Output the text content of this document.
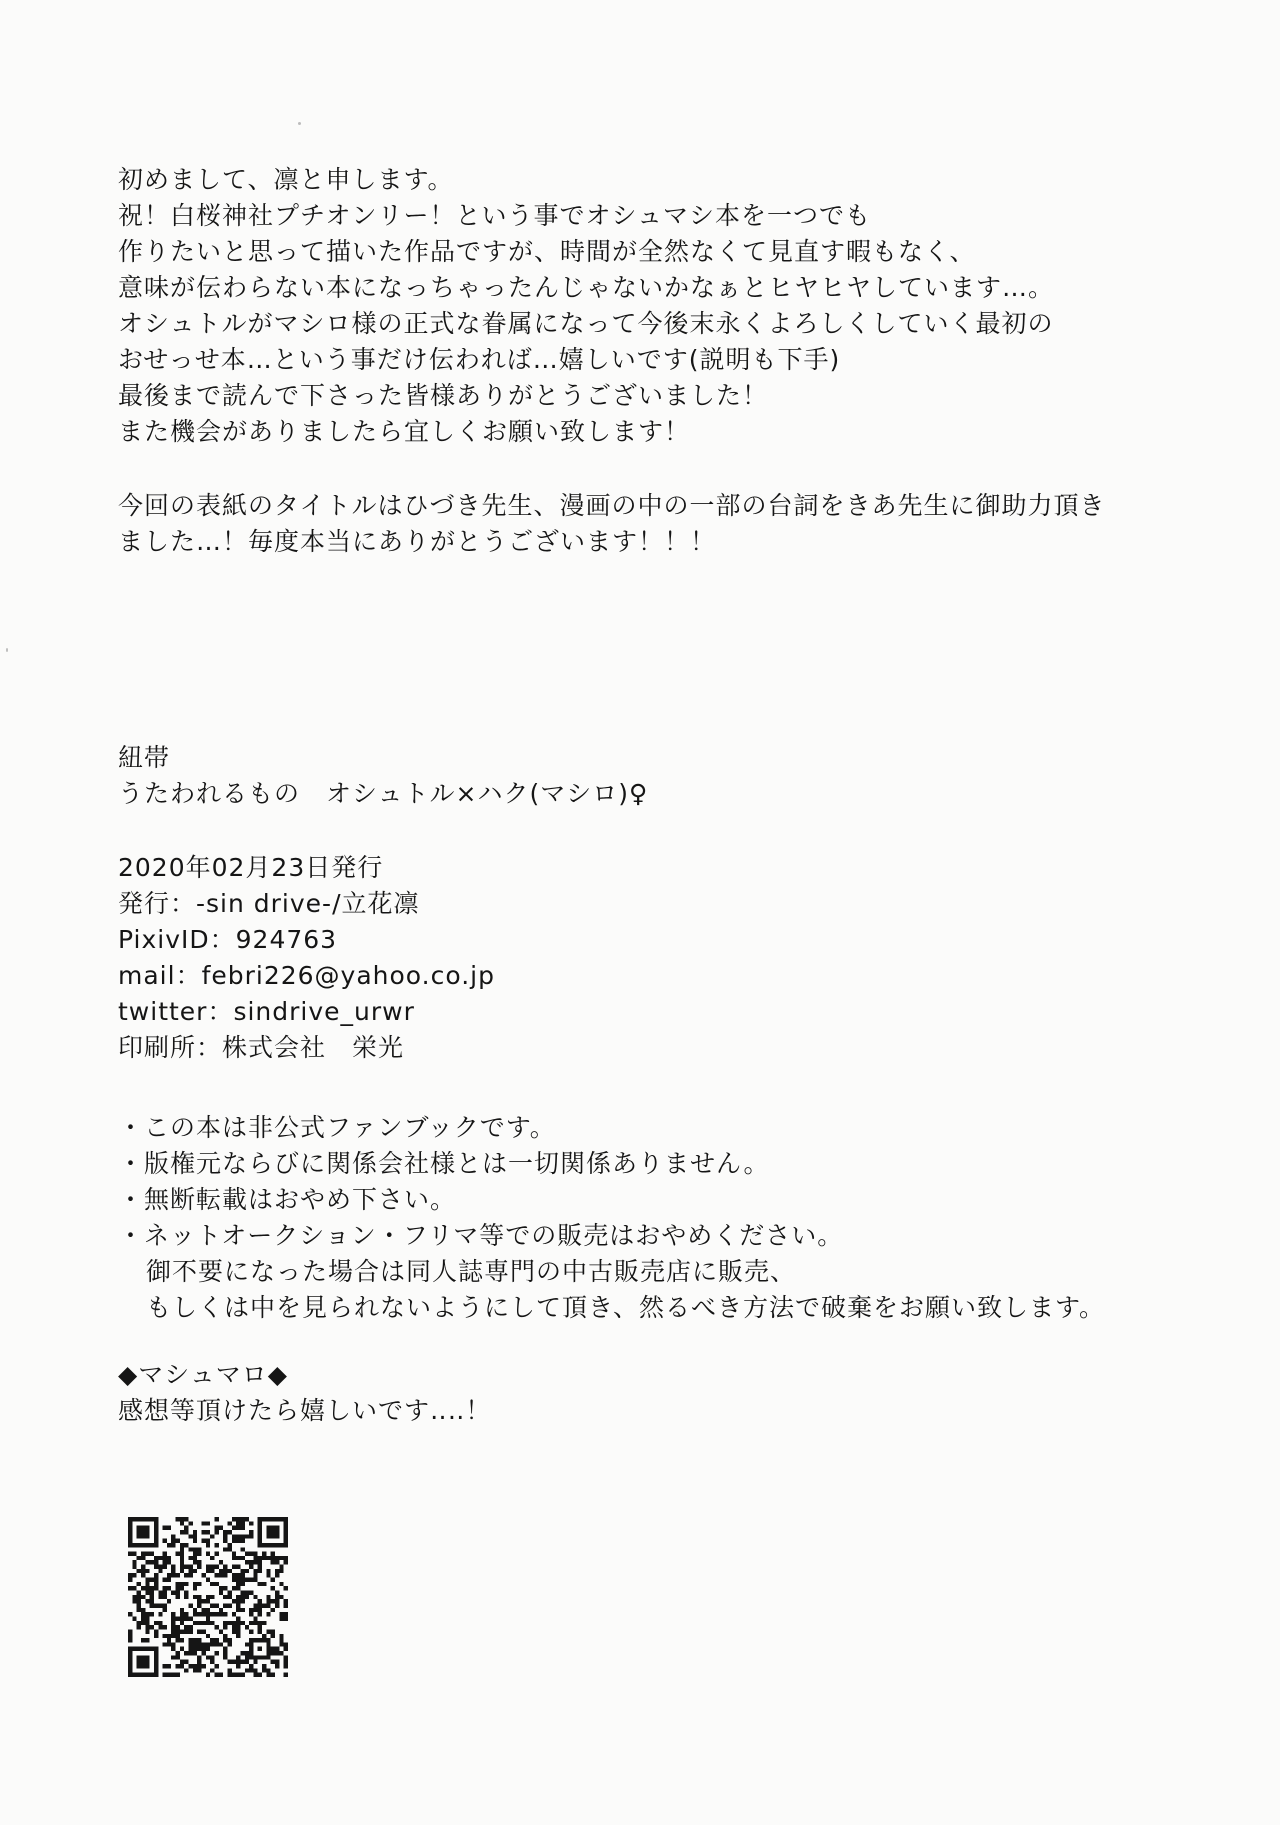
初めまして、凛と申します。
祝！白桜神社プチオンリー！という事でオシュマシ本を一つでも
作りたいと思って描いた作品ですが、時間が全然なくて見直す暇もなく、
意味が伝わらない本になっちゃったんじゃないかなぁとヒヤヒヤしています…。
オシュトルがマシロ様の正式な眷属になって今後末永くよろしくしていく最初の
おせっせ本…という事だけ伝われば…嬉しいです(説明も下手)
最後まで読んで下さった皆様ありがとうございました！
また機会がありましたら宜しくお願い致します！
今回の表紙のタイトルはひづき先生、漫画の中の一部の台詞をきあ先生に御助力頂き
ました…！毎度本当にありがとうございます！！！
紐帯
うたわれるもの　オシュトル×ハク(マシロ)♀
2020年02月23日発行
発行：-sin drive-/立花凛
PixivID：924763
mail：febri226@yahoo.co.jp
twitter：sindrive_urwr
印刷所：株式会社　栄光
・この本は非公式ファンブックです。
・版権元ならびに関係会社様とは一切関係ありません。
・無断転載はおやめ下さい。
・ネットオークション・フリマ等での販売はおやめください。
御不要になった場合は同人誌専門の中古販売店に販売、
もしくは中を見られないようにして頂き、然るべき方法で破棄をお願い致します。
◆マシュマロ◆
感想等頂けたら嬉しいです‥‥！
